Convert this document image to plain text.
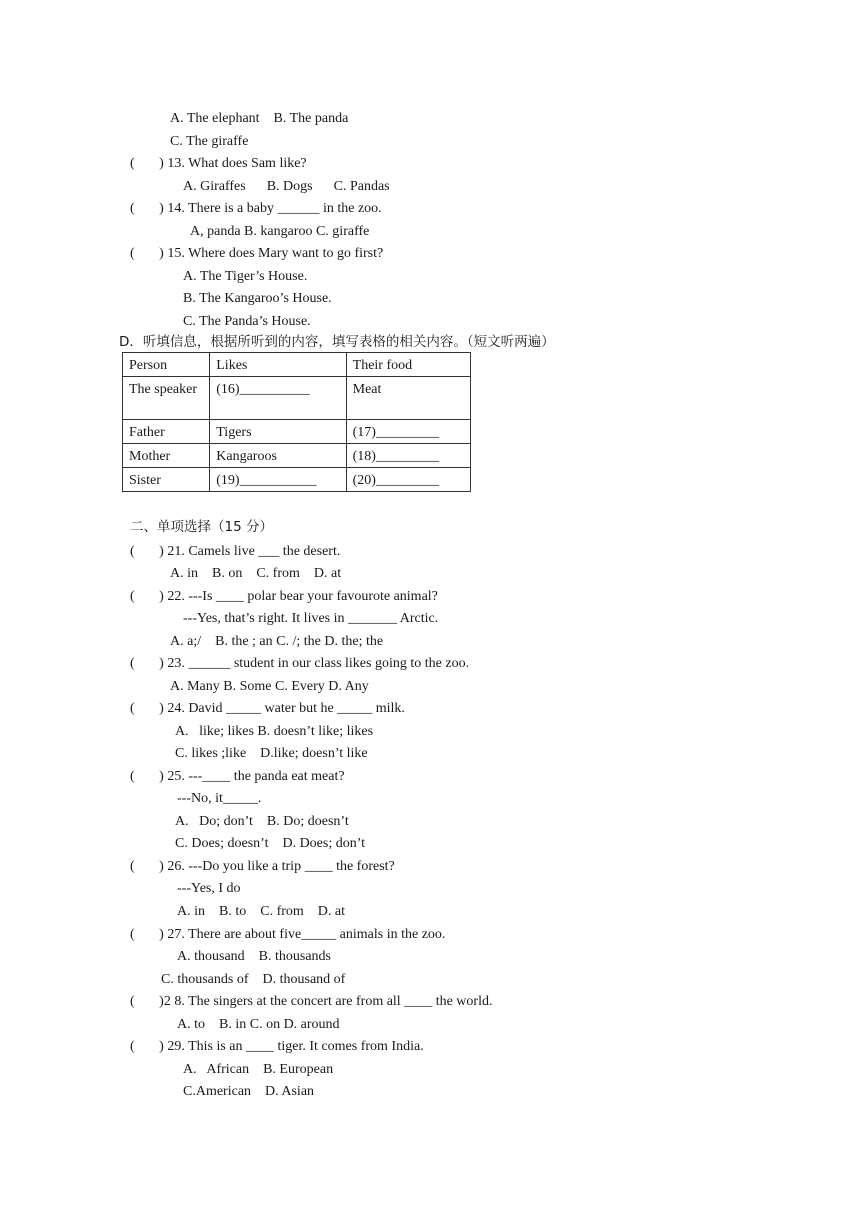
A. The elephant    B. The panda
C. The giraffe
(       ) 13. What does Sam like?
A. Giraffes      B. Dogs      C. Pandas
(       ) 14. There is a baby ______ in the zoo.
A, panda B. kangaroo C. giraffe
(       ) 15. Where does Mary want to go first?
A. The Tiger’s House.
B. The Kangaroo’s House.
C. The Panda’s House.
D．听填信息，根据所听到的内容，填写表格的相关内容。（短文听两遍）
Person	Likes	Their food
The speaker	(16)__________	Meat
Father	Tigers	(17)_________
Mother	Kangaroos	(18)_________
Sister	(19)___________	(20)_________
二、单项选择（15 分）
(       ) 21. Camels live ___ the desert.
A. in    B. on    C. from    D. at
(       ) 22. ---Is ____ polar bear your favourote animal?
---Yes, that’s right. It lives in _______ Arctic.
A. a;/    B. the ; an C. /; the D. the; the
(       ) 23. ______ student in our class likes going to the zoo.
A. Many B. Some C. Every D. Any
(       ) 24. David _____ water but he _____ milk.
A.   like; likes B. doesn’t like; likes
C. likes ;like    D.like; doesn’t like
(       ) 25. ---____ the panda eat meat?
---No, it_____.
A.   Do; don’t    B. Do; doesn’t
C. Does; doesn’t    D. Does; don’t
(       ) 26. ---Do you like a trip ____ the forest?
---Yes, I do
A. in    B. to    C. from    D. at
(       ) 27. There are about five_____ animals in the zoo.
A. thousand    B. thousands
C. thousands of    D. thousand of
(       )2 8. The singers at the concert are from all ____ the world.
A. to    B. in C. on D. around
(       ) 29. This is an ____ tiger. It comes from India.
A.   African    B. European
C.American    D. Asian
